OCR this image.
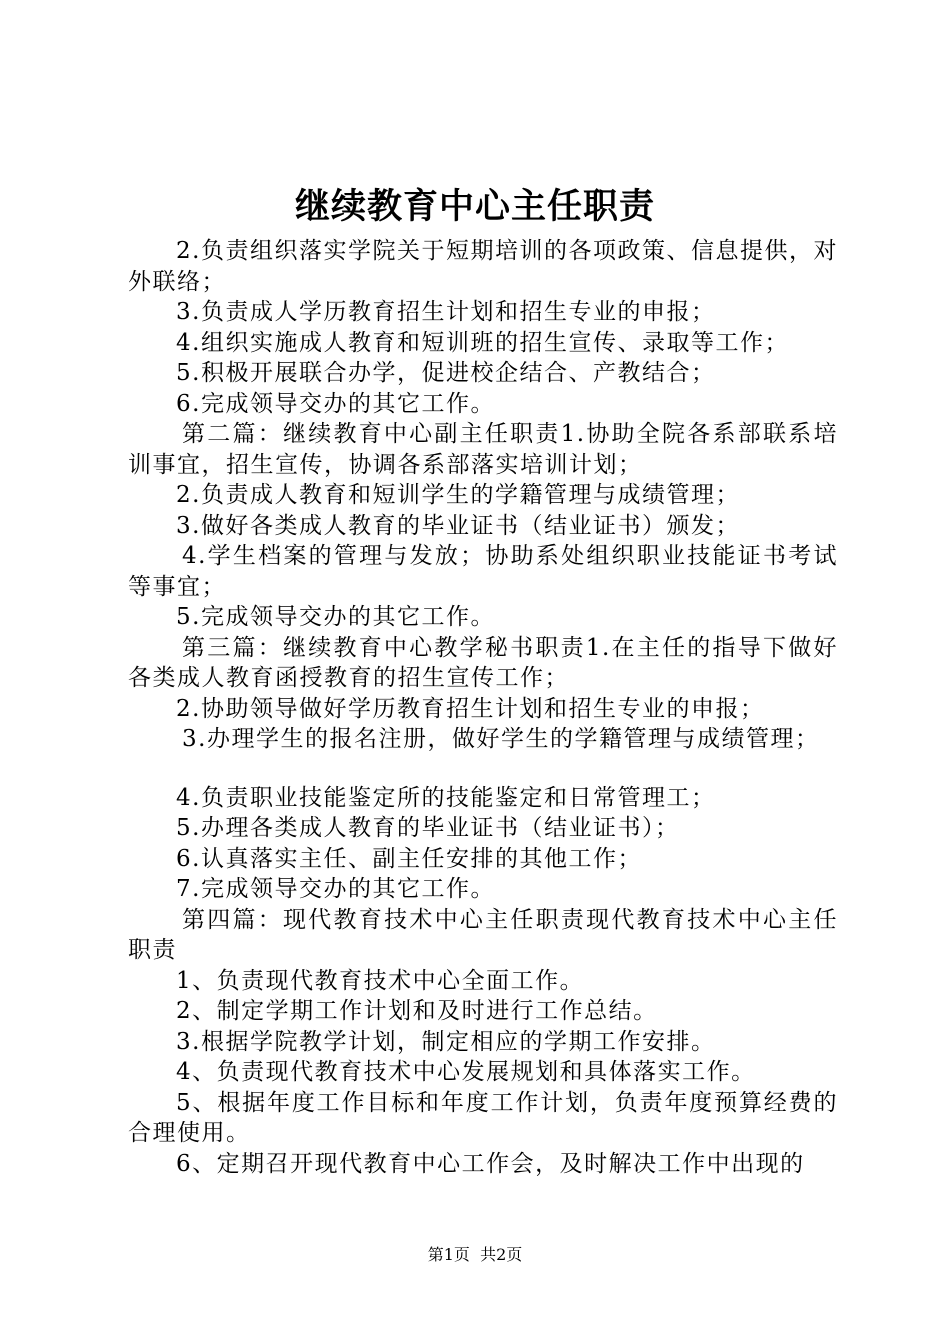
继续教育中心主任职责

2.负责组织落实学院关于短期培训的各项政策、信息提供，对外联络；

3.负责成人学历教育招生计划和招生专业的申报；

4.组织实施成人教育和短训班的招生宣传、录取等工作；

5.积极开展联合办学，促进校企结合、产教结合；

6.完成领导交办的其它工作。

第二篇：继续教育中心副主任职责1.协助全院各系部联系培训事宜，招生宣传，协调各系部落实培训计划；

2.负责成人教育和短训学生的学籍管理与成绩管理；

3.做好各类成人教育的毕业证书（结业证书）颁发；

4.学生档案的管理与发放；协助系处组织职业技能证书考试等事宜；

5.完成领导交办的其它工作。

第三篇：继续教育中心教学秘书职责1.在主任的指导下做好各类成人教育函授教育的招生宣传工作；

2.协助领导做好学历教育招生计划和招生专业的申报；

3.办理学生的报名注册，做好学生的学籍管理与成绩管理；

4.负责职业技能鉴定所的技能鉴定和日常管理工；

5.办理各类成人教育的毕业证书（结业证书）；

6.认真落实主任、副主任安排的其他工作；

7.完成领导交办的其它工作。

第四篇：现代教育技术中心主任职责现代教育技术中心主任职责

1、负责现代教育技术中心全面工作。

2、制定学期工作计划和及时进行工作总结。

3.根据学院教学计划，制定相应的学期工作安排。

4、负责现代教育技术中心发展规划和具体落实工作。

5、根据年度工作目标和年度工作计划，负责年度预算经费的合理使用。

6、定期召开现代教育中心工作会，及时解决工作中出现的

第1页 共2页
